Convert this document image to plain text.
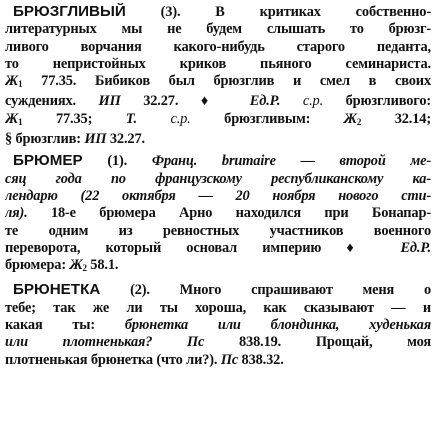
БРЮЗГЛИВЫЙ (3). В критиках собственно-
литературных мы не будем слышать то брюзг-
ливого ворчания какого-нибудь старого педанта,
то непристойных криков пьяного семинариста.
$Ж_1$ 77.35. Бибиков был брюзглив и смел в своих
суждениях. ИП 32.27. ♦ Ед.Р. с.р. брюзгливого:
$Ж_1$ 77.35; Т. с.р. брюзгливым: $Ж_2$ 32.14;
§ брюзглив: ИП 32.27.
БРЮМЕР (1). Франц. brumaire — второй ме-
сяц года по французскому республиканскому ка-
лендарю (22 октября — 20 ноября нового сти-
ля). 18-е брюмера Арно находился при Бонапар-
те одним из ревностных участников военного
переворота, который основал империю ♦ Ед.Р.
брюмера: $Ж_2$ 58.1.
БРЮНЕТКА (2). Много спрашивают меня о
тебе; так же ли ты хороша, как сказывают — и
какая ты: брюнетка или блондинка, худенькая
или плотненькая? Пс 838.19. Прощай, моя
плотненькая брюнетка (что ли?). Пс 838.32.
